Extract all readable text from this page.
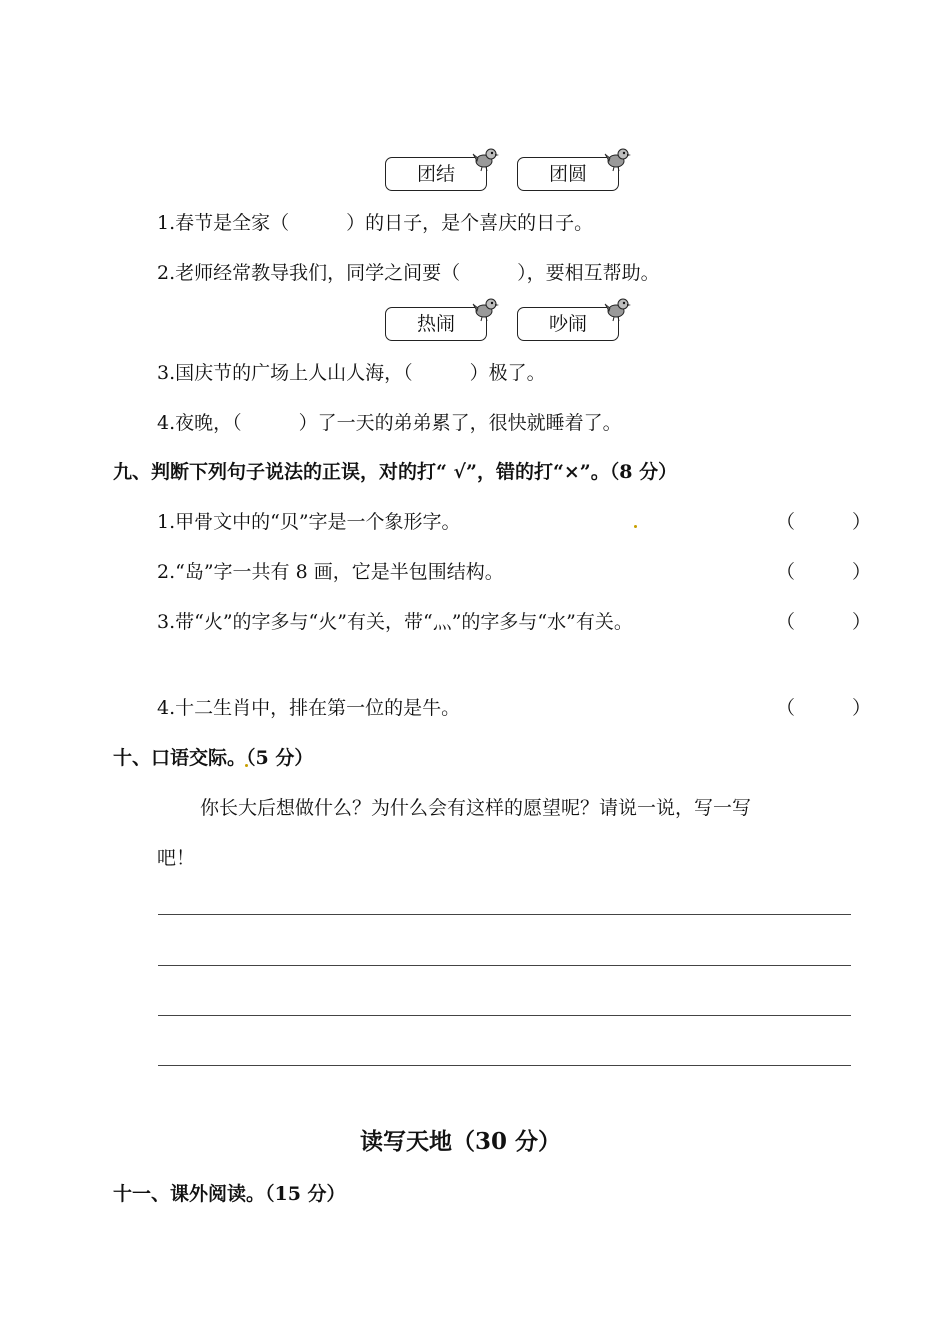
团结	团圆
1.春节是全家（　　　）的日子，是个喜庆的日子。
2.老师经常教导我们，同学之间要（　　　），要相互帮助。
热闹	吵闹
3.国庆节的广场上人山人海，（　　　）极了。
4.夜晚，（　　　）了一天的弟弟累了，很快就睡着了。
九、判断下列句子说法的正误，对的打“ √”，错的打“×”。（8 分）
1.甲骨文中的“贝”字是一个象形字。	（　　　）
2.“岛”字一共有 8 画，它是半包围结构。	（　　　）
3.带“火”的字多与“火”有关，带“灬”的字多与“水”有关。	（　　　）
4.十二生肖中，排在第一位的是牛。	（　　　）
十、口语交际。（5 分）
你长大后想做什么？为什么会有这样的愿望呢？请说一说，写一写
吧！
读写天地（30 分）
十一、课外阅读。（15 分）
